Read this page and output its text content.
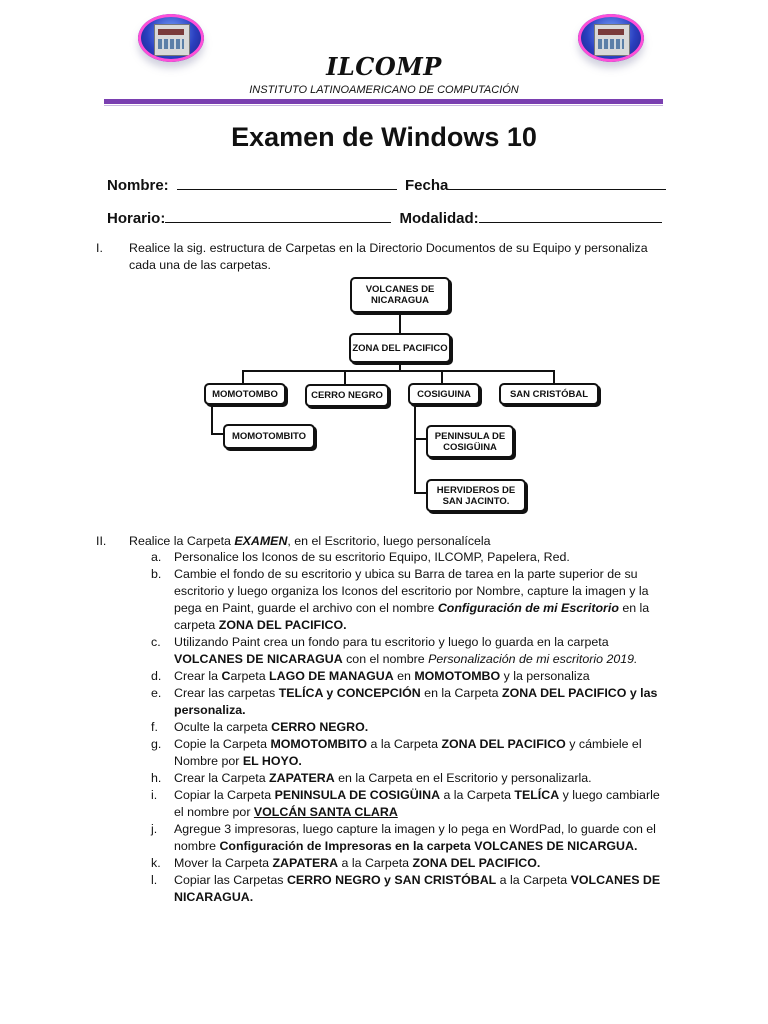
ILCOMP
INSTITUTO LATINOAMERICANO DE COMPUTACIÓN
Examen de Windows 10
Nombre:	Fecha
Horario:	Modalidad:
I. Realice la sig. estructura de Carpetas en la Directorio Documentos de su Equipo y personaliza cada una de las carpetas.
VOLCANES DE NICARAGUA
ZONA DEL PACIFICO
MOMOTOMBO	CERRO NEGRO	COSIGUINA	SAN CRISTÓBAL
MOMOTOMBITO	PENINSULA DE COSIGÜINA
HERVIDEROS DE SAN JACINTO.
II. Realice la Carpeta EXAMEN, en el Escritorio, luego personalícela
a. Personalice los Iconos de su escritorio Equipo, ILCOMP, Papelera, Red.
b. Cambie el fondo de su escritorio y ubica su Barra de tarea en la parte superior de su escritorio y luego organiza los Iconos del escritorio por Nombre, capture la imagen y la pega en Paint, guarde el archivo con el nombre Configuración de mi Escritorio en la carpeta ZONA DEL PACIFICO.
c. Utilizando Paint crea un fondo para tu escritorio y luego lo guarda en la carpeta VOLCANES DE NICARAGUA con el nombre Personalización de mi escritorio 2019.
d. Crear la Carpeta LAGO DE MANAGUA en MOMOTOMBO y la personaliza
e. Crear las carpetas TELÍCA y CONCEPCIÓN en la Carpeta ZONA DEL PACIFICO y las personaliza.
f. Oculte la carpeta CERRO NEGRO.
g. Copie la Carpeta MOMOTOMBITO a la Carpeta ZONA DEL PACIFICO y cámbiele el Nombre por EL HOYO.
h. Crear la Carpeta ZAPATERA en la Carpeta en el Escritorio y personalizarla.
i. Copiar la Carpeta PENINSULA DE COSIGÜINA a la Carpeta TELÍCA y luego cambiarle el nombre por VOLCÁN SANTA CLARA
j. Agregue 3 impresoras, luego capture la imagen y lo pega en WordPad, lo guarde con el nombre Configuración de Impresoras en la carpeta VOLCANES DE NICARGUA.
k. Mover la Carpeta ZAPATERA a la Carpeta ZONA DEL PACIFICO.
l. Copiar las Carpetas CERRO NEGRO y SAN CRISTÓBAL a la Carpeta VOLCANES DE NICARAGUA.
